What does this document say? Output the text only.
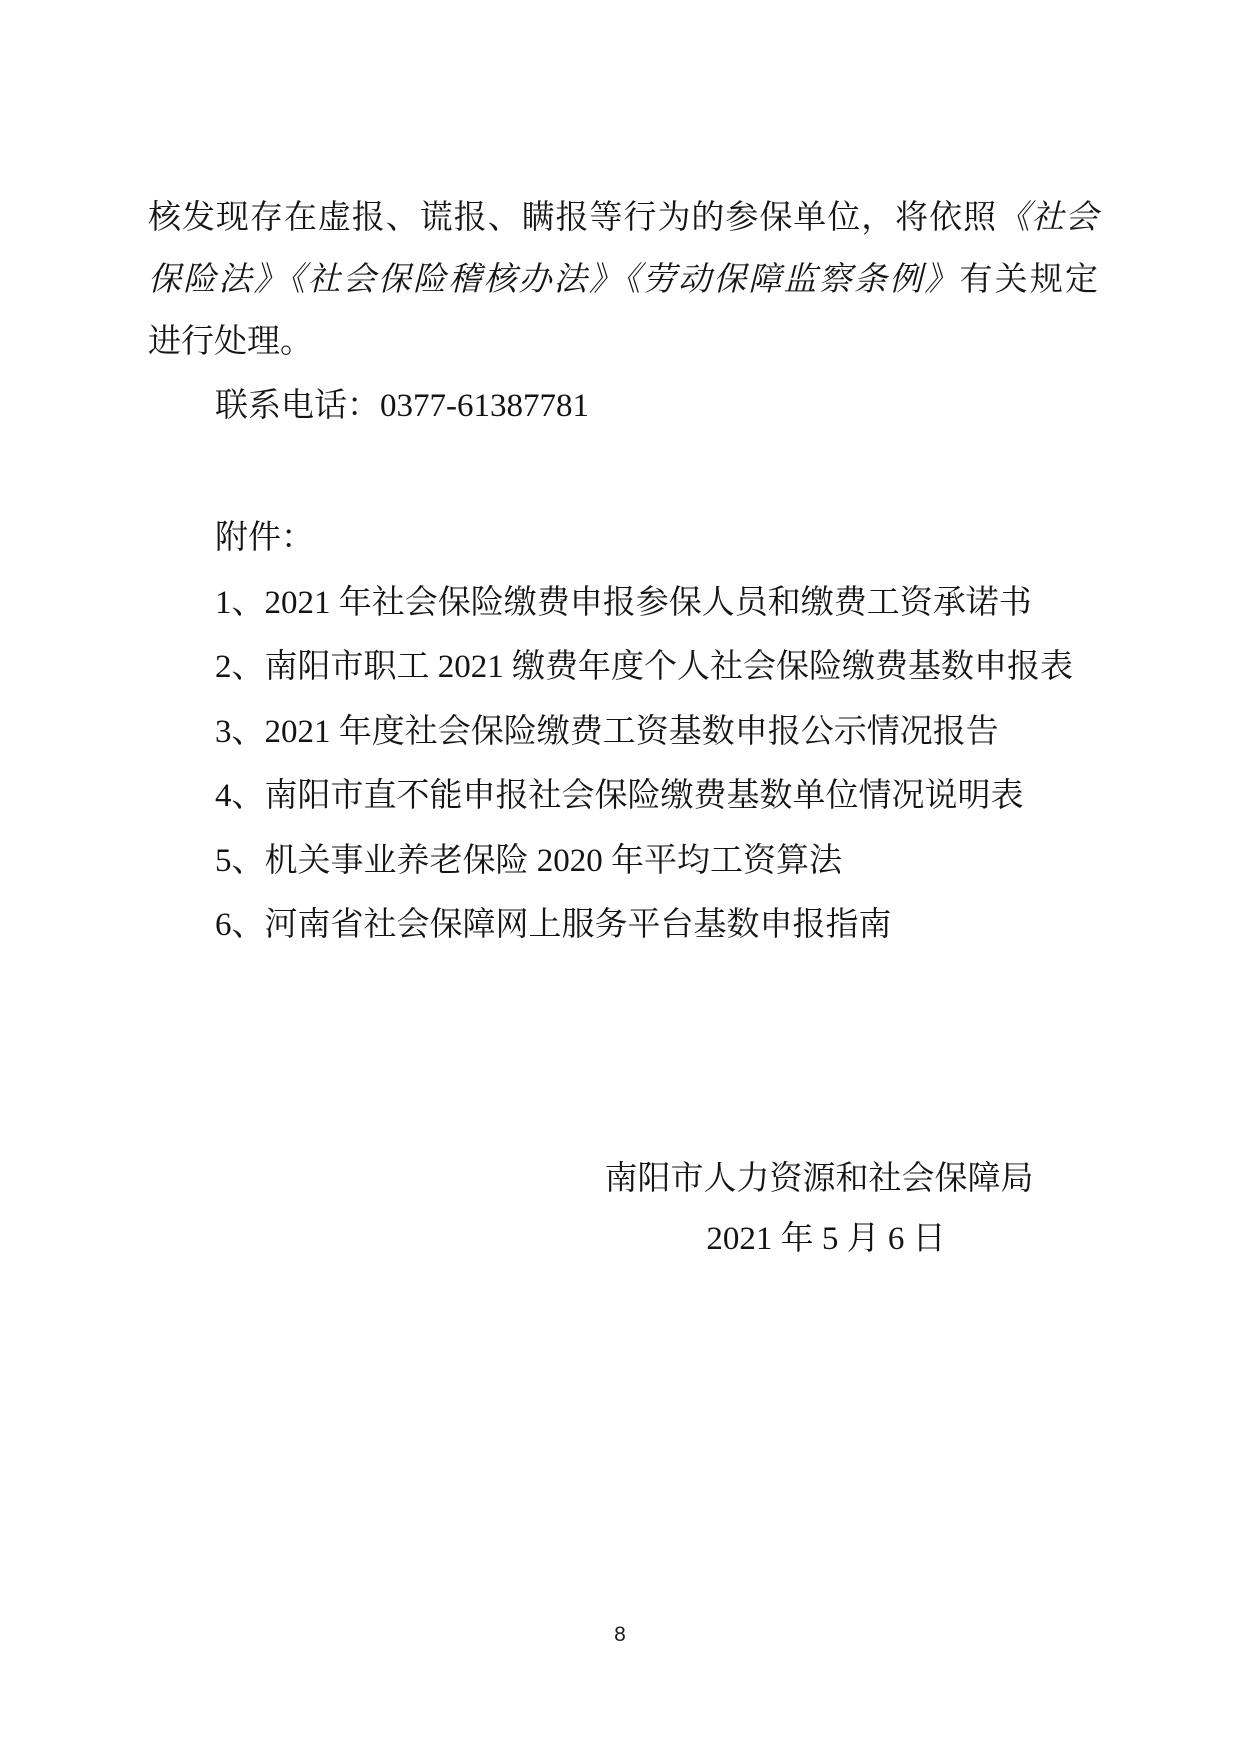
核发现存在虚报、谎报、瞒报等行为的参保单位，将依照《社会
保险法》《社会保险稽核办法》《劳动保障监察条例》有关规定
进行处理。
联系电话：0377-61387781
附件：
1、2021 年社会保险缴费申报参保人员和缴费工资承诺书
2、南阳市职工 2021 缴费年度个人社会保险缴费基数申报表
3、2021 年度社会保险缴费工资基数申报公示情况报告
4、南阳市直不能申报社会保险缴费基数单位情况说明表
5、机关事业养老保险 2020 年平均工资算法
6、河南省社会保障网上服务平台基数申报指南
南阳市人力资源和社会保障局
2021 年 5 月 6 日
8
